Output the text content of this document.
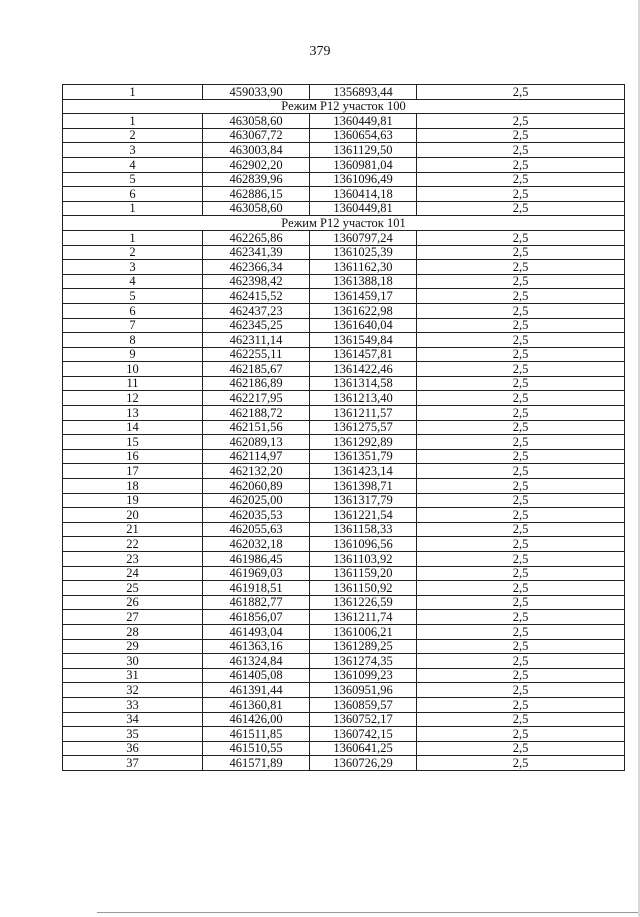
379
1	459033,90	1356893,44	2,5
Режим Р12 участок 100			
1	463058,60	1360449,81	2,5
2	463067,72	1360654,63	2,5
3	463003,84	1361129,50	2,5
4	462902,20	1360981,04	2,5
5	462839,96	1361096,49	2,5
6	462886,15	1360414,18	2,5
1	463058,60	1360449,81	2,5
Режим Р12 участок 101			
1	462265,86	1360797,24	2,5
2	462341,39	1361025,39	2,5
3	462366,34	1361162,30	2,5
4	462398,42	1361388,18	2,5
5	462415,52	1361459,17	2,5
6	462437,23	1361622,98	2,5
7	462345,25	1361640,04	2,5
8	462311,14	1361549,84	2,5
9	462255,11	1361457,81	2,5
10	462185,67	1361422,46	2,5
11	462186,89	1361314,58	2,5
12	462217,95	1361213,40	2,5
13	462188,72	1361211,57	2,5
14	462151,56	1361275,57	2,5
15	462089,13	1361292,89	2,5
16	462114,97	1361351,79	2,5
17	462132,20	1361423,14	2,5
18	462060,89	1361398,71	2,5
19	462025,00	1361317,79	2,5
20	462035,53	1361221,54	2,5
21	462055,63	1361158,33	2,5
22	462032,18	1361096,56	2,5
23	461986,45	1361103,92	2,5
24	461969,03	1361159,20	2,5
25	461918,51	1361150,92	2,5
26	461882,77	1361226,59	2,5
27	461856,07	1361211,74	2,5
28	461493,04	1361006,21	2,5
29	461363,16	1361289,25	2,5
30	461324,84	1361274,35	2,5
31	461405,08	1361099,23	2,5
32	461391,44	1360951,96	2,5
33	461360,81	1360859,57	2,5
34	461426,00	1360752,17	2,5
35	461511,85	1360742,15	2,5
36	461510,55	1360641,25	2,5
37	461571,89	1360726,29	2,5
